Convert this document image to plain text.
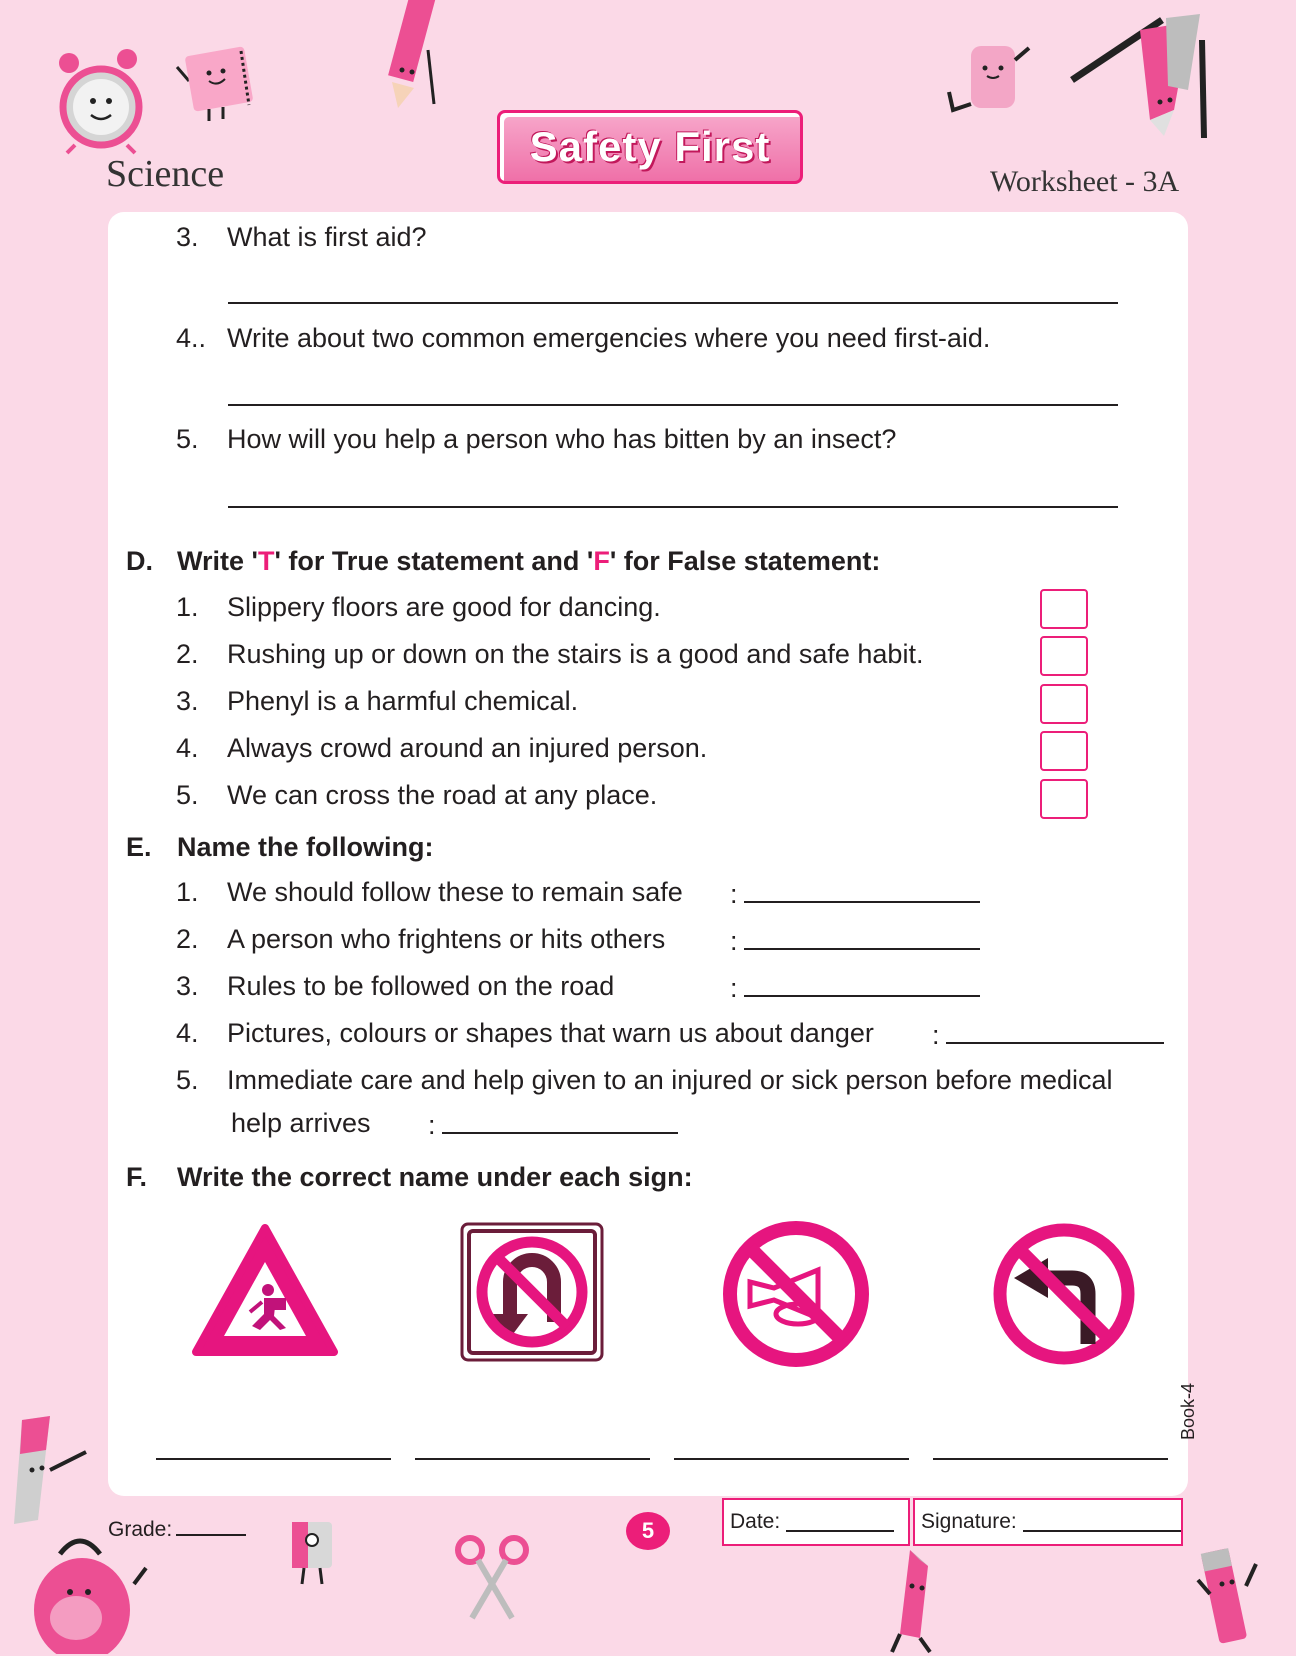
Science
Safety First
Worksheet - 3A
3. What is first aid?
4.. Write about two common emergencies where you need first-aid.
5. How will you help a person who has bitten by an insect?
D. Write 'T' for True statement and 'F' for False statement:
1. Slippery floors are good for dancing.
2. Rushing up or down on the stairs is a good and safe habit.
3. Phenyl is a harmful chemical.
4. Always crowd around an injured person.
5. We can cross the road at any place.
E. Name the following:
1. We should follow these to remain safe :
2. A person who frightens or hits others :
3. Rules to be followed on the road	:
4. Pictures, colours or shapes that warn us about danger :
5. Immediate care and help given to an injured or sick person before medical
help arrives :
F. Write the correct name under each sign:
Book-4
Grade:	5	Date:	Signature:
